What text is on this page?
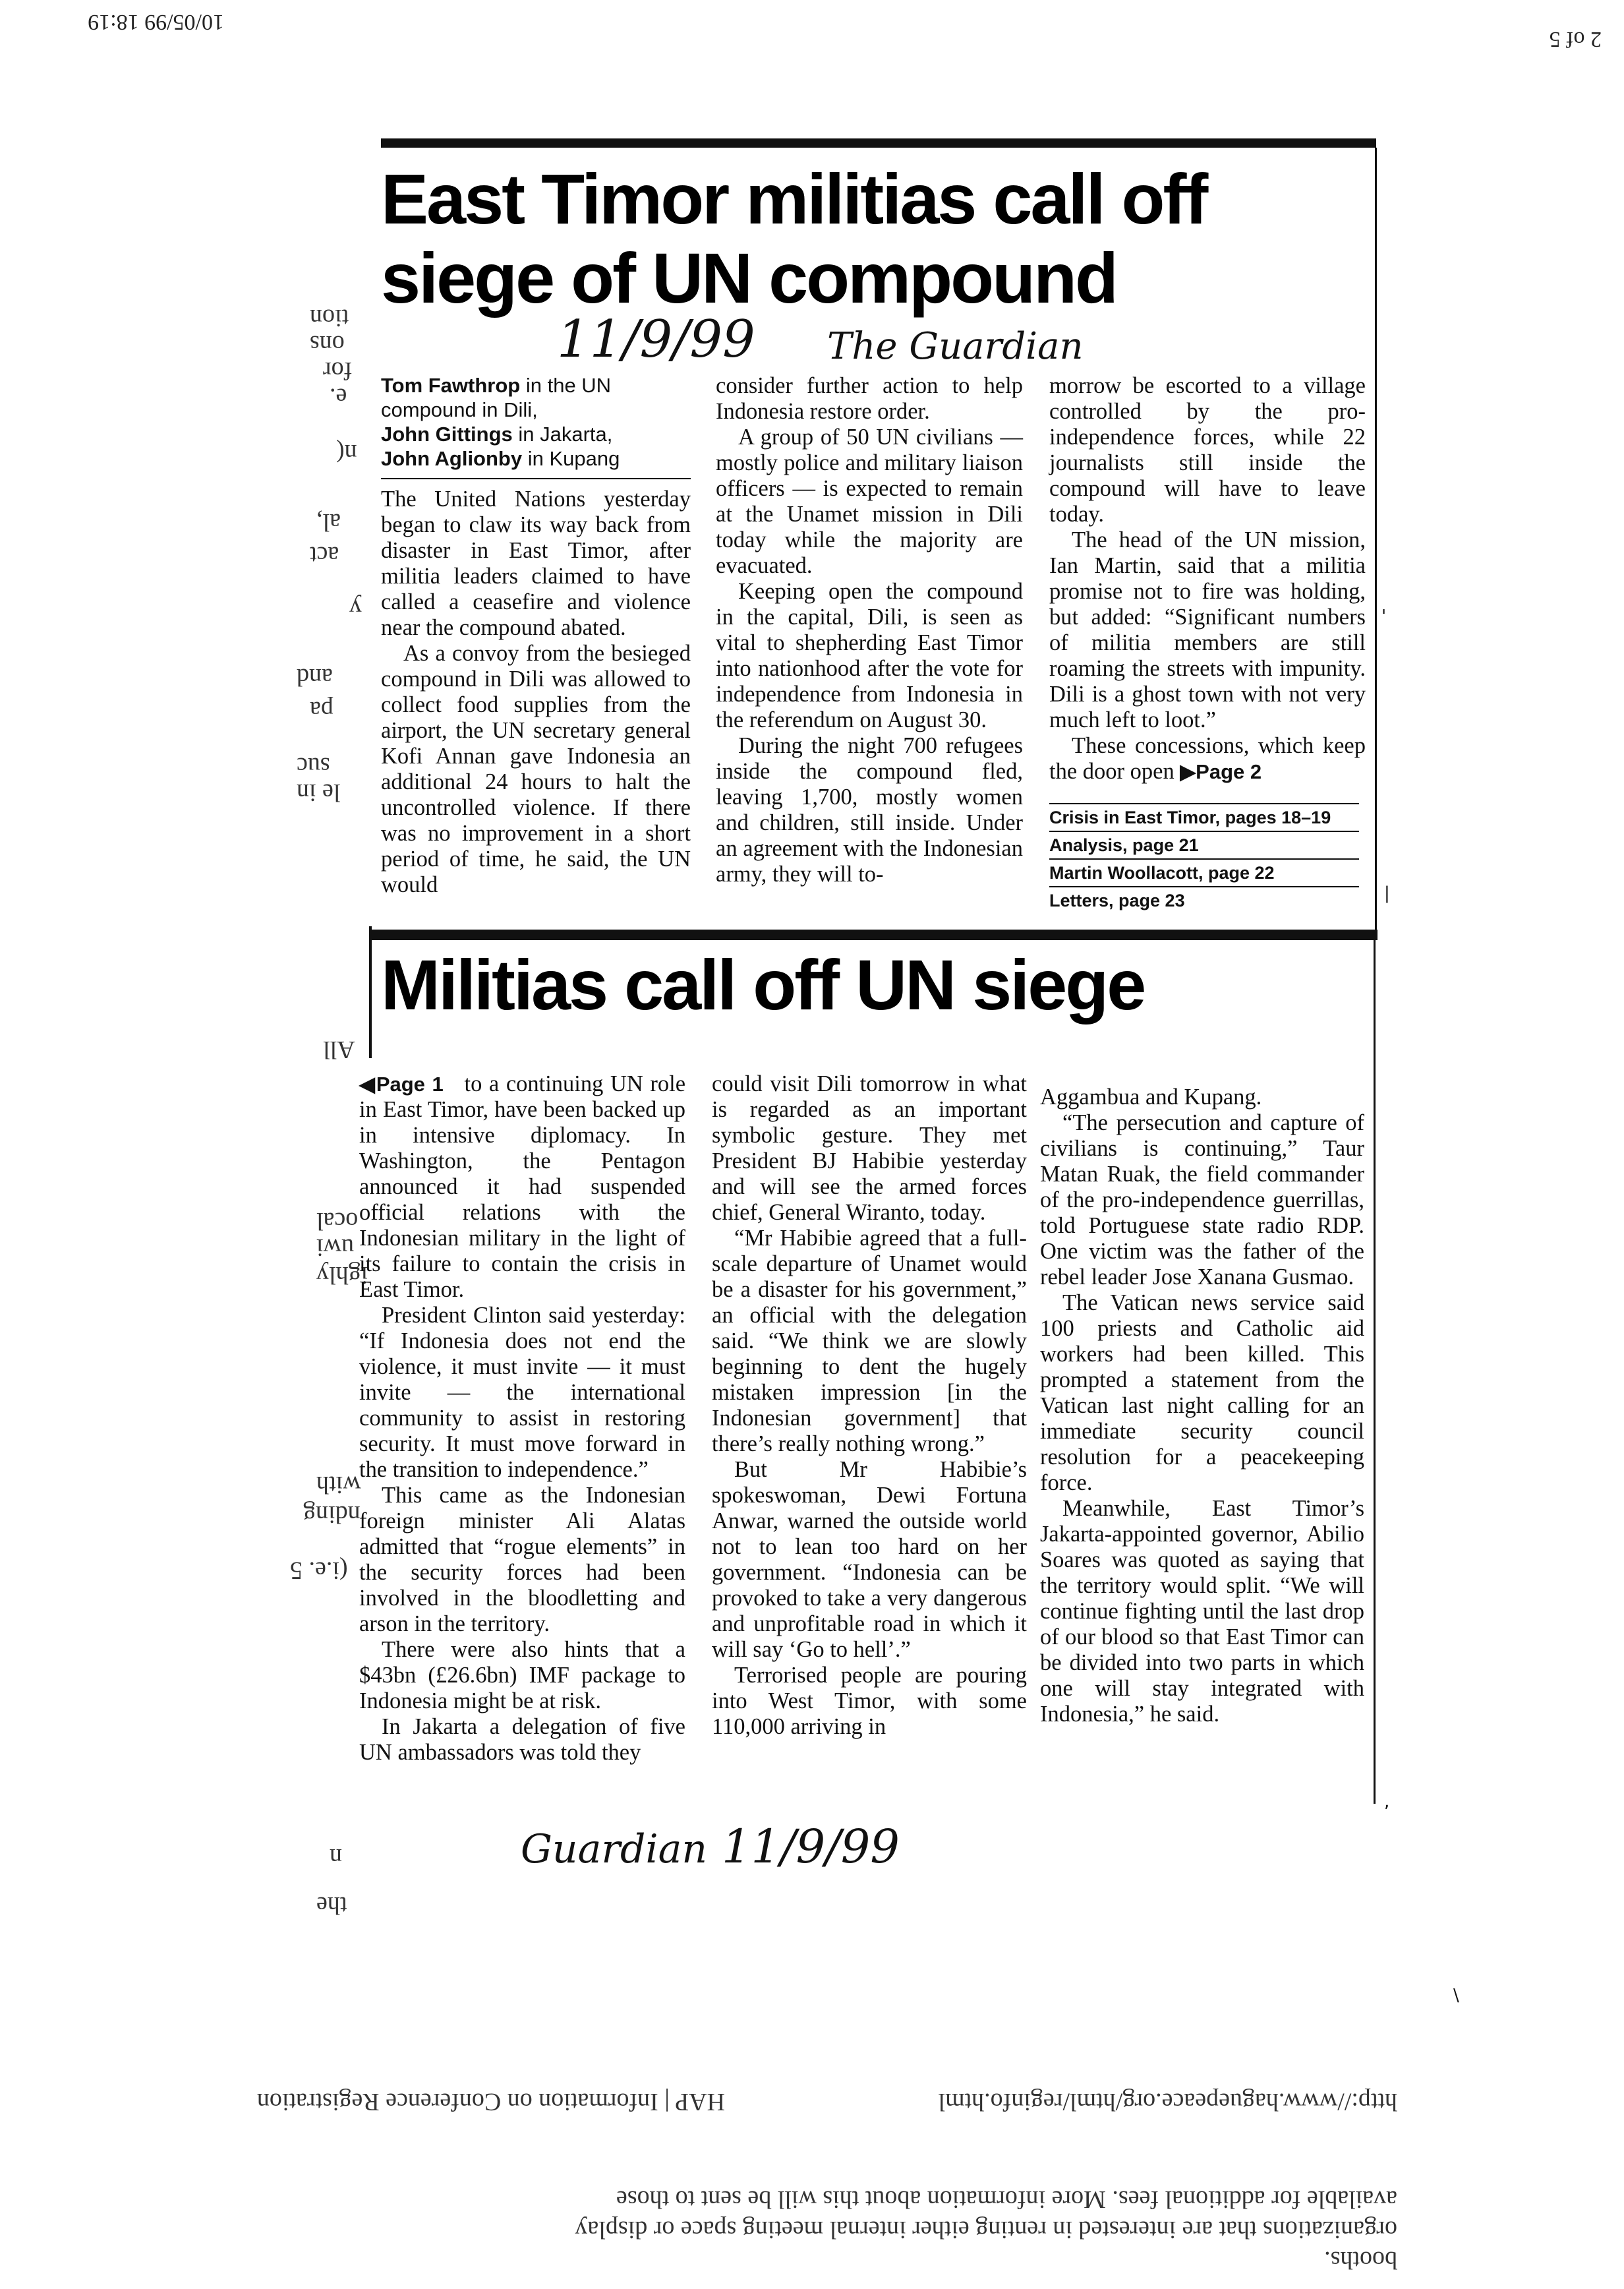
10/05/99 18:19
2 of 5
tion
ons
for
e.
n(
al,
act
y
and
pa
suc
le in
All
ocal
uwi
ighly
with
nding
(i.e. 5
n
the
East Timor militias call off
siege of UN compound
11/9/99 The Guardian
Tom Fawthrop in the UN
compound in Dili,
John Gittings in Jakarta,
John Aglionby in Kupang

The United Nations yesterday began to claw its way back from disaster in East Timor, after militia leaders claimed to have called a ceasefire and violence near the compound abated.

As a convoy from the besieged compound in Dili was allowed to collect food supplies from the airport, the UN secretary general Kofi Annan gave Indonesia an additional 24 hours to halt the uncontrolled violence. If there was no improvement in a short period of time, he said, the UN would

consider further action to help Indonesia restore order.

A group of 50 UN civilians — mostly police and military liaison officers — is expected to remain at the Unamet mission in Dili today while the majority are evacuated.

Keeping open the compound in the capital, Dili, is seen as vital to shepherding East Timor into nationhood after the vote for independence from Indonesia in the referendum on August 30.

During the night 700 refugees inside the compound fled, leaving 1,700, mostly women and children, still inside. Under an agreement with the Indonesian army, they will to-

morrow be escorted to a village controlled by the pro-independence forces, while 22 journalists still inside the compound will have to leave today.

The head of the UN mission, Ian Martin, said that a militia promise not to fire was holding, but added: “Significant numbers of militia members are still roaming the streets with impunity. Dili is a ghost town with not very much left to loot.”

These concessions, which keep the door open ▶Page 2

Crisis in East Timor, pages 18–19
Analysis, page 21
Martin Woollacott, page 22
Letters, page 23
Militias call off UN siege

◀Page 1 to a continuing UN role in East Timor, have been backed up in intensive diplomacy. In Washington, the Pentagon announced it had suspended official relations with the Indonesian military in the light of its failure to contain the crisis in East Timor.

President Clinton said yesterday: “If Indonesia does not end the violence, it must invite — it must invite — the international community to assist in restoring security. It must move forward in the transition to independence.”

This came as the Indonesian foreign minister Ali Alatas admitted that “rogue elements” in the security forces had been involved in the bloodletting and arson in the territory.

There were also hints that a $43bn (£26.6bn) IMF package to Indonesia might be at risk.

In Jakarta a delegation of five UN ambassadors was told they

could visit Dili tomorrow in what is regarded as an important symbolic gesture. They met President BJ Habibie yesterday and will see the armed forces chief, General Wiranto, today.

“Mr Habibie agreed that a full-scale departure of Unamet would be a disaster for his government,” an official with the delegation said. “We think we are slowly beginning to dent the hugely mistaken impression [in the Indonesian government] that there’s really nothing wrong.”

But Mr Habibie’s spokeswoman, Dewi Fortuna Anwar, warned the outside world not to lean too hard on her government. “Indonesia can be provoked to take a very dangerous and unprofitable road in which it will say ‘Go to hell’.”

Terrorised people are pouring into West Timor, with some 110,000 arriving in

Aggambua and Kupang.

“The persecution and capture of civilians is continuing,” Taur Matan Ruak, the field commander of the pro-independence guerrillas, told Portuguese state radio RDP. One victim was the father of the rebel leader Jose Xanana Gusmao.

The Vatican news service said 100 priests and Catholic aid workers had been killed. This prompted a statement from the Vatican last night calling for an immediate security council resolution for a peacekeeping force.

Meanwhile, East Timor’s Jakarta-appointed governor, Abilio Soares was quoted as saying that the territory would split. “We will continue fighting until the last drop of our blood so that East Timor can be divided into two parts in which one will stay integrated with Indonesia,” he said.

Guardian 11/9/99
'
|
,
\
booths.
organizations that are interested in renting either internal meeting space or display
available for additional fees. More information about this will be sent to those
http://www.haguepeace.org/html/reginfo.html
HAP | Information on Conference Registration
